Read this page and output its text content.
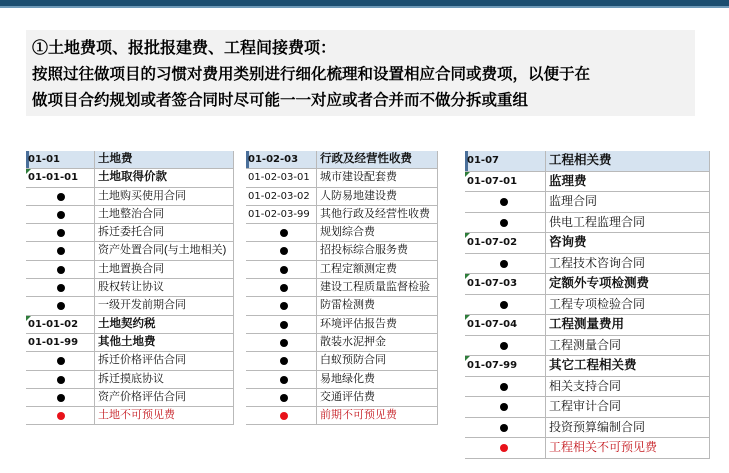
①土地费项、报批报建费、工程间接费项：
按照过往做项目的习惯对费用类别进行细化梳理和设置相应合同或费项，以便于在
做项目合约规划或者签合同时尽可能一一对应或者合并而不做分拆或重组
01-01	土地费
01-01-01 土地取得价款
土地购买使用合同
土地整治合同
拆迁委托合同
资产处置合同(与土地相关)
土地置换合同
股权转让协议
一级开发前期合同
01-01-02 土地契约税
01-01-99 其他土地费
拆迁价格评估合同
拆迁摸底协议
资产价格评估合同
土地不可预见费
01-02-03 行政及经营性收费
01-02-03-01 城市建设配套费
01-02-03-02 人防易地建设费
01-02-03-99 其他行政及经营性收费
规划综合费
招投标综合服务费
工程定额测定费
建设工程质量监督检验
防雷检测费
环境评估报告费
散装水泥押金
白蚁预防合同
易地绿化费
交通评估费
前期不可预见费
01-07	工程相关费
01-07-01	监理费
监理合同
供电工程监理合同
01-07-02	咨询费
工程技术咨询合同
01-07-03	定额外专项检测费
工程专项检验合同
01-07-04	工程测量费用
工程测量合同
01-07-99	其它工程相关费
相关支持合同
工程审计合同
投资预算编制合同
工程相关不可预见费
